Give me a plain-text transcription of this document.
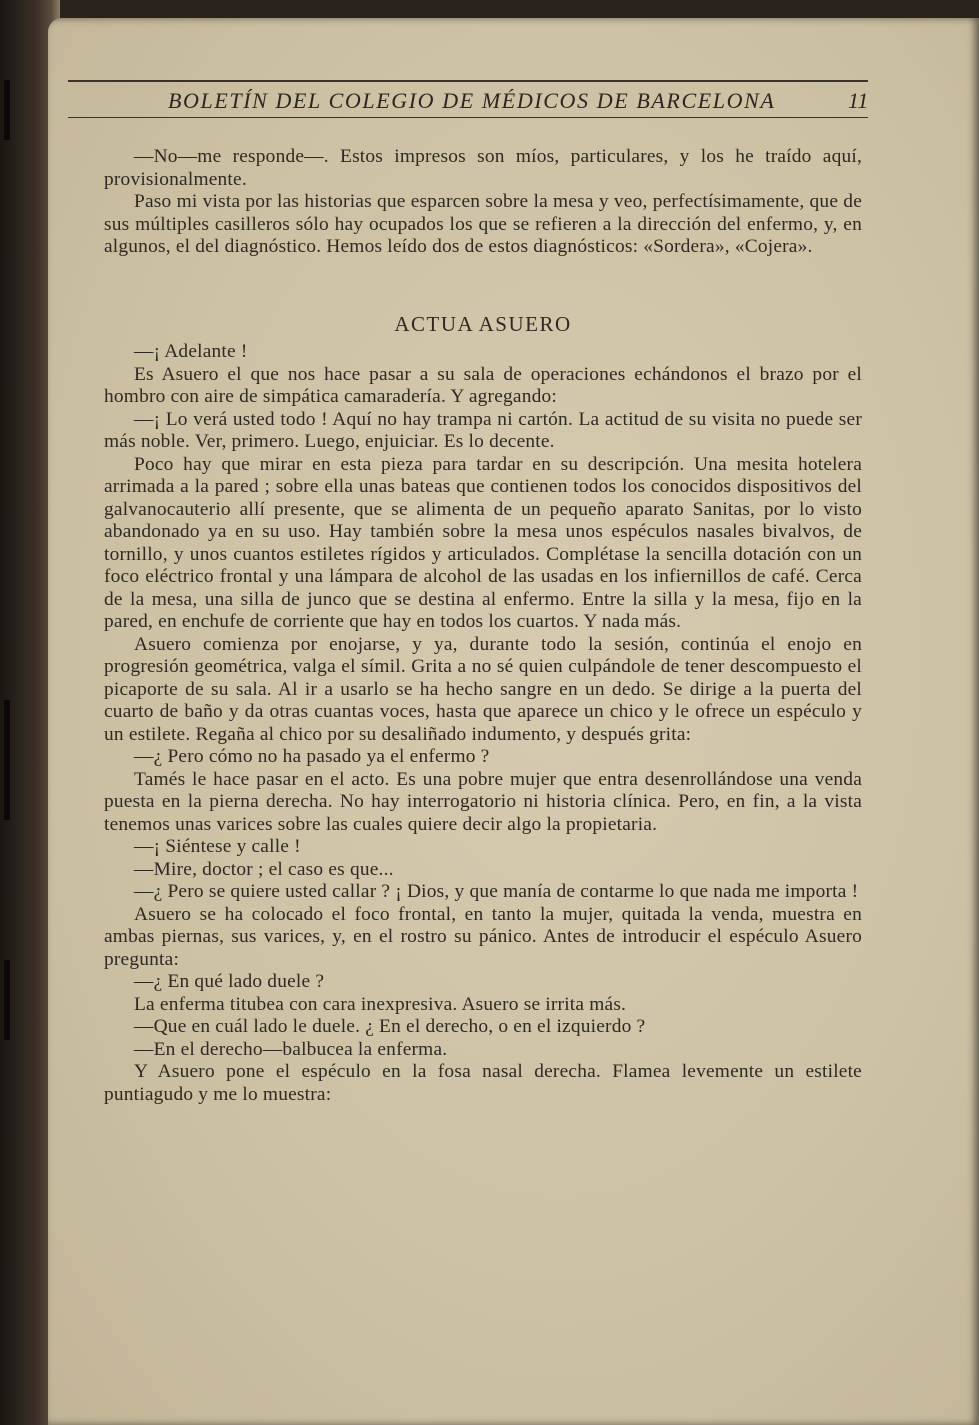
BOLETÍN DEL COLEGIO DE MÉDICOS DE BARCELONA	11

—No—me responde—. Estos impresos son míos, particulares, y los he traído aquí, provisionalmente.

Paso mi vista por las historias que esparcen sobre la mesa y veo, perfectísimamente, que de sus múltiples casilleros sólo hay ocupados los que se refieren a la dirección del enfermo, y, en algunos, el del diagnóstico. Hemos leído dos de estos diagnósticos: «Sordera», «Cojera».

ACTUA ASUERO

—¡ Adelante !

Es Asuero el que nos hace pasar a su sala de operaciones echándonos el brazo por el hombro con aire de simpática camaradería. Y agregando:

—¡ Lo verá usted todo ! Aquí no hay trampa ni cartón. La actitud de su visita no puede ser más noble. Ver, primero. Luego, enjuiciar. Es lo decente.

Poco hay que mirar en esta pieza para tardar en su descripción. Una mesita hotelera arrimada a la pared ; sobre ella unas bateas que contienen todos los conocidos dispositivos del galvanocauterio allí presente, que se alimenta de un pequeño aparato Sanitas, por lo visto abandonado ya en su uso. Hay también sobre la mesa unos espéculos nasales bivalvos, de tornillo, y unos cuantos estiletes rígidos y articulados. Complétase la sencilla dotación con un foco eléctrico frontal y una lámpara de alcohol de las usadas en los infiernillos de café. Cerca de la mesa, una silla de junco que se destina al enfermo. Entre la silla y la mesa, fijo en la pared, en enchufe de corriente que hay en todos los cuartos. Y nada más.

Asuero comienza por enojarse, y ya, durante todo la sesión, continúa el enojo en progresión geométrica, valga el símil. Grita a no sé quien culpándole de tener descompuesto el picaporte de su sala. Al ir a usarlo se ha hecho sangre en un dedo. Se dirige a la puerta del cuarto de baño y da otras cuantas voces, hasta que aparece un chico y le ofrece un espéculo y un estilete. Regaña al chico por su desaliñado indumento, y después grita:

—¿ Pero cómo no ha pasado ya el enfermo ?

Tamés le hace pasar en el acto. Es una pobre mujer que entra desenrollándose una venda puesta en la pierna derecha. No hay interrogatorio ni historia clínica. Pero, en fin, a la vista tenemos unas varices sobre las cuales quiere decir algo la propietaria.

—¡ Siéntese y calle !

—Mire, doctor ; el caso es que...

—¿ Pero se quiere usted callar ? ¡ Dios, y que manía de contarme lo que nada me importa !

Asuero se ha colocado el foco frontal, en tanto la mujer, quitada la venda, muestra en ambas piernas, sus varices, y, en el rostro su pánico. Antes de introducir el espéculo Asuero pregunta:

—¿ En qué lado duele ?

La enferma titubea con cara inexpresiva. Asuero se irrita más.

—Que en cuál lado le duele. ¿ En el derecho, o en el izquierdo ?

—En el derecho—balbucea la enferma.

Y Asuero pone el espéculo en la fosa nasal derecha. Flamea levemente un estilete puntiagudo y me lo muestra:
